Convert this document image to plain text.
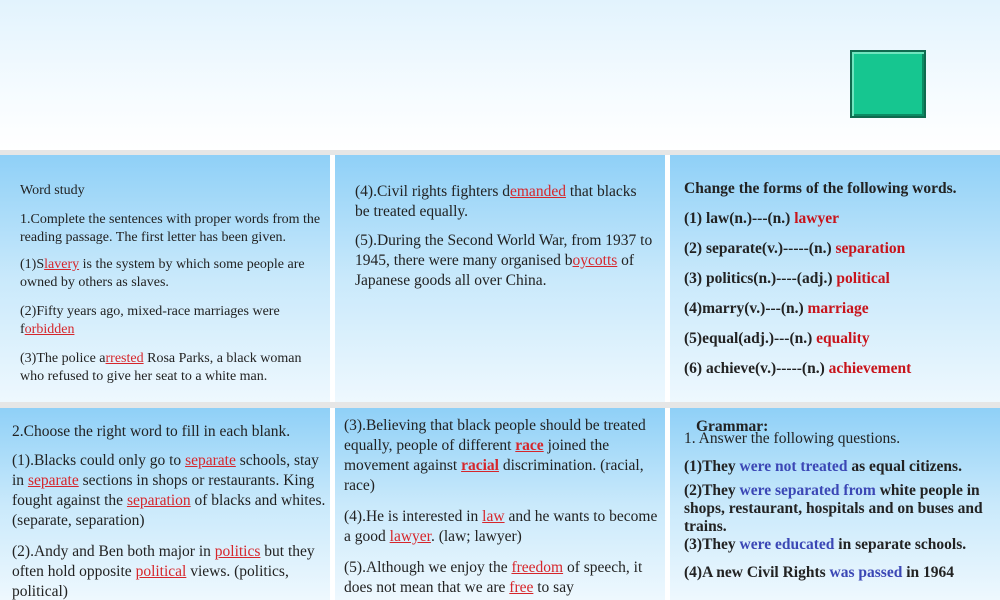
Word study

1.Complete the sentences with proper words from the reading passage. The first letter has been given.

(1)Slavery is the system by which some people are owned by others as slaves.

(2)Fifty years ago, mixed-race marriages were forbidden

(3)The police arrested Rosa Parks, a black woman who refused to give her seat to a white man.

(4).Civil rights fighters demanded that blacks be treated equally.

(5).During the Second World War, from 1937 to 1945, there were many organised boycotts of Japanese goods all over China.

Change the forms of the following words.

(1) law(n.)---(n.) lawyer

(2) separate(v.)-----(n.) separation

(3) politics(n.)----(adj.) political

(4)marry(v.)---(n.) marriage

(5)equal(adj.)---(n.) equality

(6) achieve(v.)-----(n.) achievement

2.Choose the right word to fill in each blank.

(1).Blacks could only go to separate schools, stay in separate sections in shops or restaurants. King fought against the separation of blacks and whites. (separate, separation)

(2).Andy and Ben both major in politics but they often hold opposite political views. (politics, political)

(3).Believing that black people should be treated equally, people of different race joined the movement against racial discrimination. (racial, race)

(4).He is interested in law and he wants to become a good lawyer. (law; lawyer)

(5).Although we enjoy the freedom of speech, it does not mean that we are free to say

Grammar:

1. Answer the following questions.

(1)They were not treated as equal citizens.

(2)They were separated from white people in shops, restaurant, hospitals and on buses and trains.

(3)They were educated in separate schools.

(4)A new Civil Rights was passed in 1964
